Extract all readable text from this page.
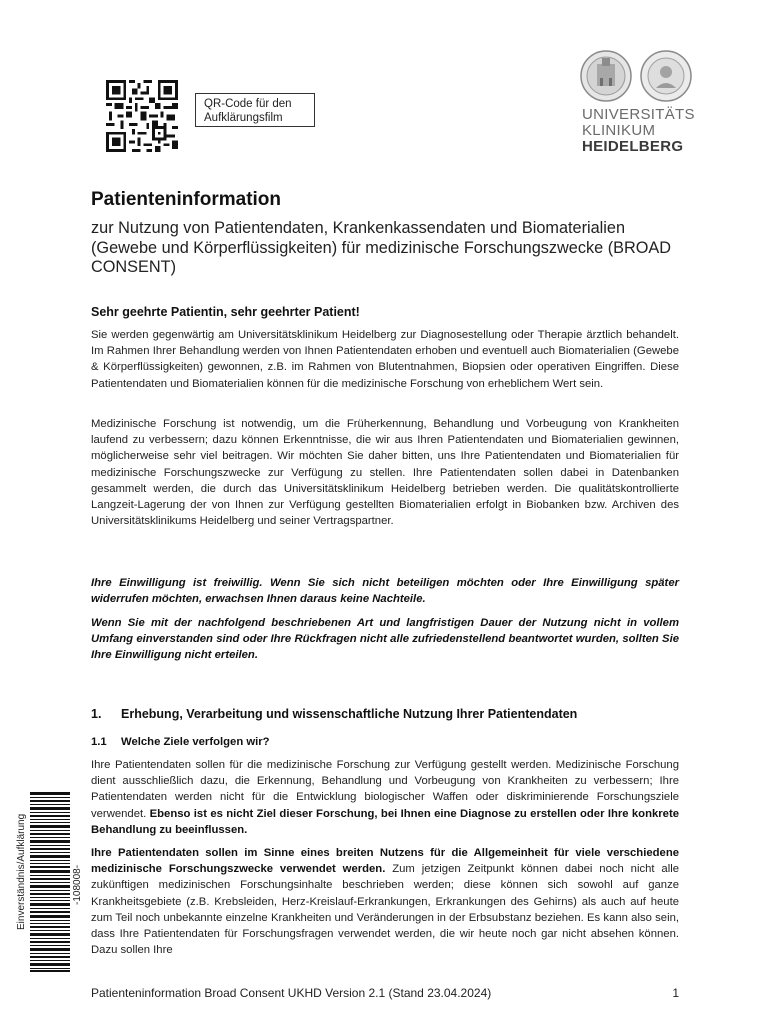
QR-Code für den
Aufklärungsfilm	UNIVERSITÄTS
KLINIKUM
HEIDELBERG
Patienteninformation
zur Nutzung von Patientendaten, Krankenkassendaten und Biomaterialien (Gewebe und Körperflüssigkeiten) für medizinische Forschungszwecke (BROAD CONSENT)
Sehr geehrte Patientin, sehr geehrter Patient!

Sie werden gegenwärtig am Universitätsklinikum Heidelberg zur Diagnosestellung oder Therapie ärztlich behandelt. Im Rahmen Ihrer Behandlung werden von Ihnen Patientendaten erhoben und eventuell auch Biomaterialien (Gewebe & Körperflüssigkeiten) gewonnen, z.B. im Rahmen von Blutentnahmen, Biopsien oder operativen Eingriffen. Diese Patientendaten und Biomaterialien können für die medizinische Forschung von erheblichem Wert sein.

Medizinische Forschung ist notwendig, um die Früherkennung, Behandlung und Vorbeugung von Krankheiten laufend zu verbessern; dazu können Erkenntnisse, die wir aus Ihren Patientendaten und Biomaterialien gewinnen, möglicherweise sehr viel beitragen. Wir möchten Sie daher bitten, uns Ihre Patientendaten und Biomaterialien für medizinische Forschungszwecke zur Verfügung zu stellen. Ihre Patientendaten sollen dabei in Datenbanken gesammelt werden, die durch das Universitätsklinikum Heidelberg betrieben werden. Die qualitätskontrollierte Langzeit-Lagerung der von Ihnen zur Verfügung gestellten Biomaterialien erfolgt in Biobanken bzw. Archiven des Universitätsklinikums Heidelberg und seiner Vertragspartner.

Ihre Einwilligung ist freiwillig. Wenn Sie sich nicht beteiligen möchten oder Ihre Einwilligung später widerrufen möchten, erwachsen Ihnen daraus keine Nachteile.

Wenn Sie mit der nachfolgend beschriebenen Art und langfristigen Dauer der Nutzung nicht in vollem Umfang einverstanden sind oder Ihre Rückfragen nicht alle zufriedenstellend beantwortet wurden, sollten Sie Ihre Einwilligung nicht erteilen.

1. Erhebung, Verarbeitung und wissenschaftliche Nutzung Ihrer Patientendaten
1.1 Welche Ziele verfolgen wir?

Ihre Patientendaten sollen für die medizinische Forschung zur Verfügung gestellt werden. Medizinische Forschung dient ausschließlich dazu, die Erkennung, Behandlung und Vorbeugung von Krankheiten zu verbessern; Ihre Patientendaten werden nicht für die Entwicklung biologischer Waffen oder diskriminierende Forschungsziele verwendet. Ebenso ist es nicht Ziel dieser Forschung, bei Ihnen eine Diagnose zu erstellen oder Ihre konkrete Behandlung zu beeinflussen.

Ihre Patientendaten sollen im Sinne eines breiten Nutzens für die Allgemeinheit für viele verschiedene medizinische Forschungszwecke verwendet werden. Zum jetzigen Zeitpunkt können dabei noch nicht alle zukünftigen medizinischen Forschungsinhalte beschrieben werden; diese können sich sowohl auf ganze Krankheitsgebiete (z.B. Krebsleiden, Herz-Kreislauf-Erkrankungen, Erkrankungen des Gehirns) als auch auf heute zum Teil noch unbekannte einzelne Krankheiten und Veränderungen in der Erbsubstanz beziehen. Es kann also sein, dass Ihre Patientendaten für Forschungsfragen verwendet werden, die wir heute noch gar nicht absehen können. Dazu sollen Ihre

Einverständnis/Aufklärung	-108008-
Patienteninformation Broad Consent UKHD Version 2.1 (Stand 23.04.2024)	1
